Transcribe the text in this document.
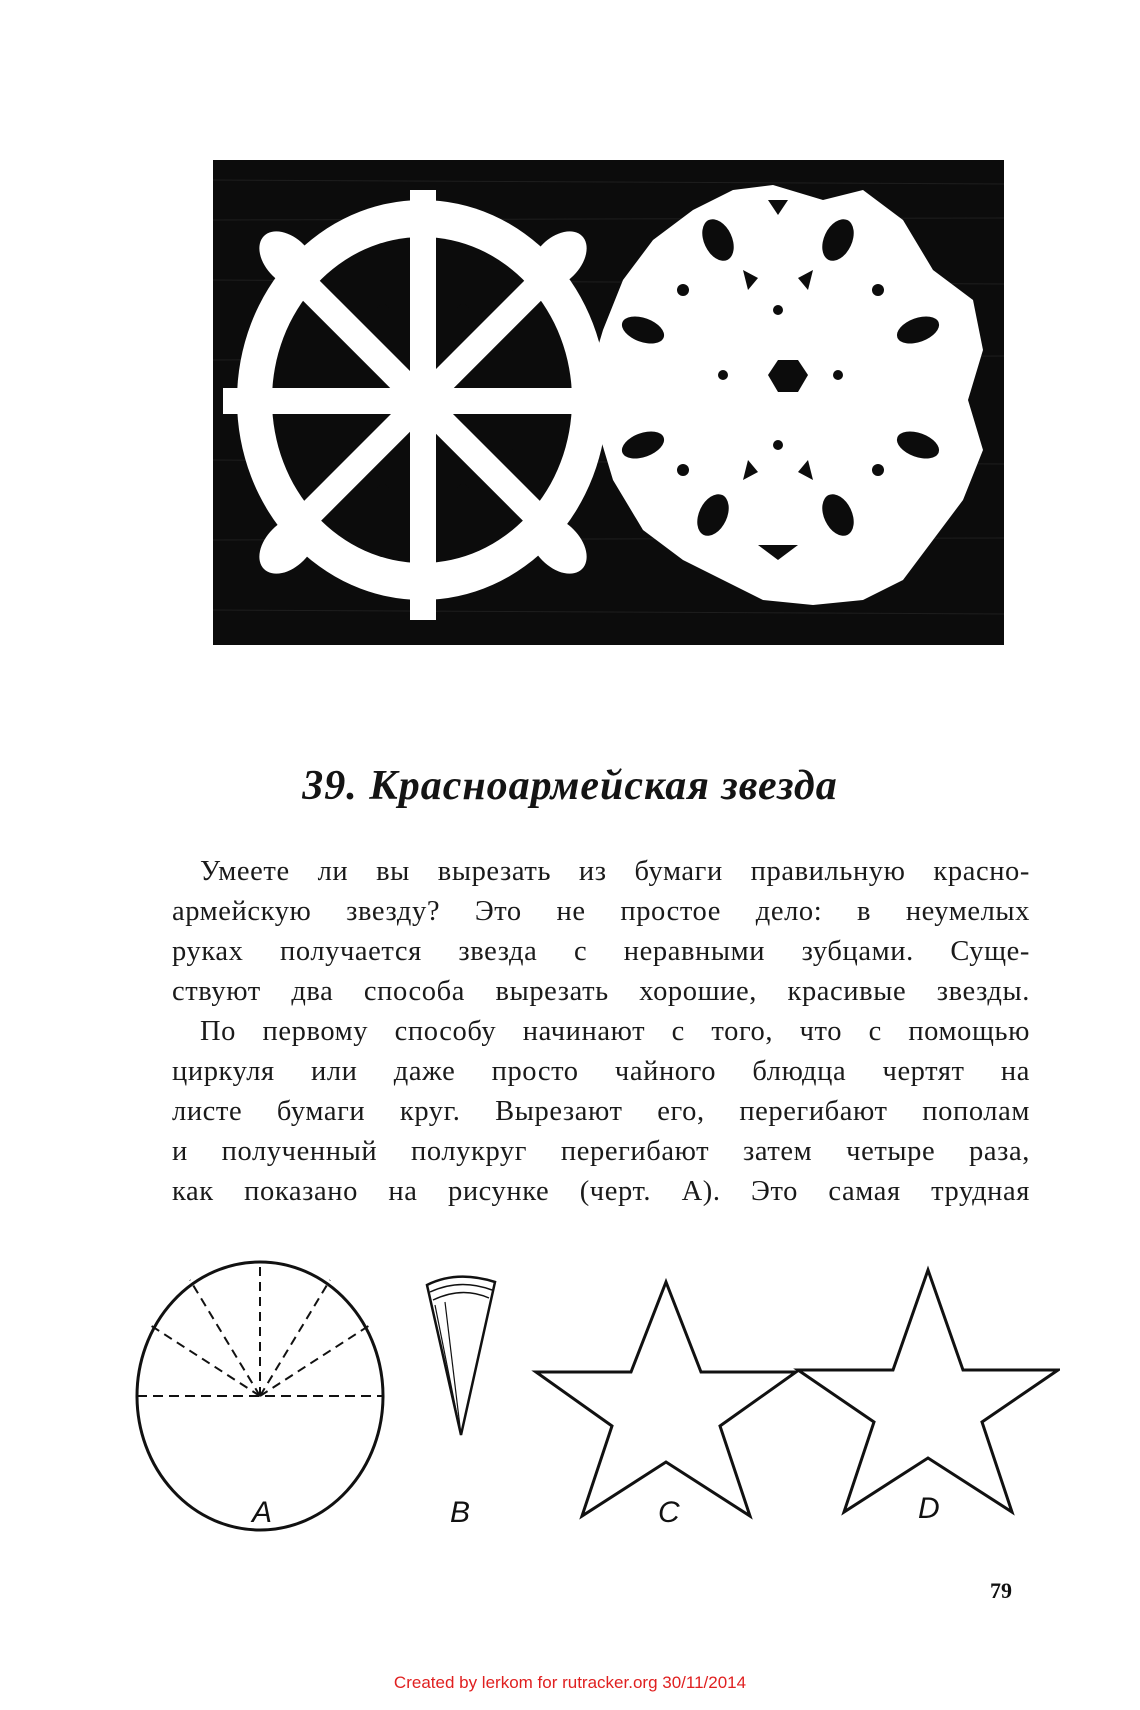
39. Красноармейская звезда
Умеете ли вы вырезать из бумаги правильную красно-
армейскую звезду? Это не простое дело: в неумелых
руках получается звезда с неравными зубцами. Суще-
ствуют два способа вырезать хорошие, красивые звезды.
По первому способу начинают с того, что с помощью
циркуля или даже просто чайного блюдца чертят на
листе бумаги круг. Вырезают его, перегибают пополам
и полученный полукруг перегибают затем четыре раза,
как показано на рисунке (черт. А). Это самая трудная
А	В	С	D
79
Created by lerkom for rutracker.org 30/11/2014
